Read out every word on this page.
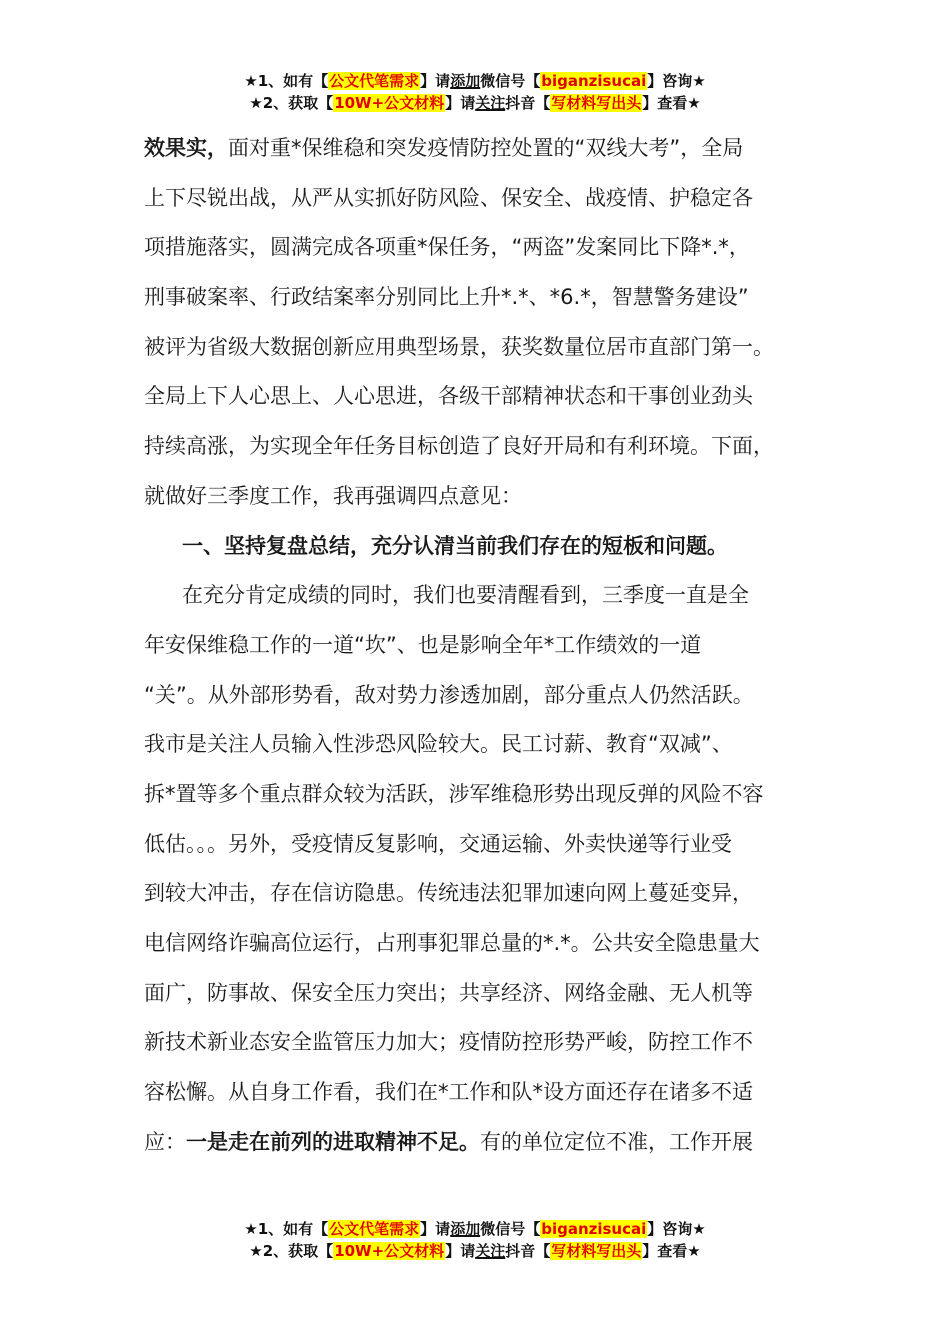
★1、如有【公文代笔需求】请添加微信号【biganzisucai】咨询★
★2、获取【10W+公文材料】请关注抖音【写材料写出头】查看★
效果实，面对重*保维稳和突发疫情防控处置的“双线大考”，全局
上下尽锐出战，从严从实抓好防风险、保安全、战疫情、护稳定各
项措施落实，圆满完成各项重*保任务，“两盗”发案同比下降*.*，
刑事破案率、行政结案率分别同比上升*.*、*6.*，智慧警务建设”
被评为省级大数据创新应用典型场景，获奖数量位居市直部门第一。
全局上下人心思上、人心思进，各级干部精神状态和干事创业劲头
持续高涨，为实现全年任务目标创造了良好开局和有利环境。下面，
就做好三季度工作，我再强调四点意见：
一、坚持复盘总结，充分认清当前我们存在的短板和问题。
在充分肯定成绩的同时，我们也要清醒看到，三季度一直是全
年安保维稳工作的一道“坎”、也是影响全年*工作绩效的一道
“关”。从外部形势看，敌对势力渗透加剧，部分重点人仍然活跃。
我市是关注人员输入性涉恐风险较大。民工讨薪、教育“双减”、
拆*置等多个重点群众较为活跃，涉军维稳形势出现反弹的风险不容
低估。。。另外，受疫情反复影响，交通运输、外卖快递等行业受
到较大冲击，存在信访隐患。传统违法犯罪加速向网上蔓延变异，
电信网络诈骗高位运行，占刑事犯罪总量的*.*。公共安全隐患量大
面广，防事故、保安全压力突出；共享经济、网络金融、无人机等
新技术新业态安全监管压力加大；疫情防控形势严峻，防控工作不
容松懈。从自身工作看，我们在*工作和队*设方面还存在诸多不适
应：一是走在前列的进取精神不足。有的单位定位不准，工作开展
★1、如有【公文代笔需求】请添加微信号【biganzisucai】咨询★
★2、获取【10W+公文材料】请关注抖音【写材料写出头】查看★
